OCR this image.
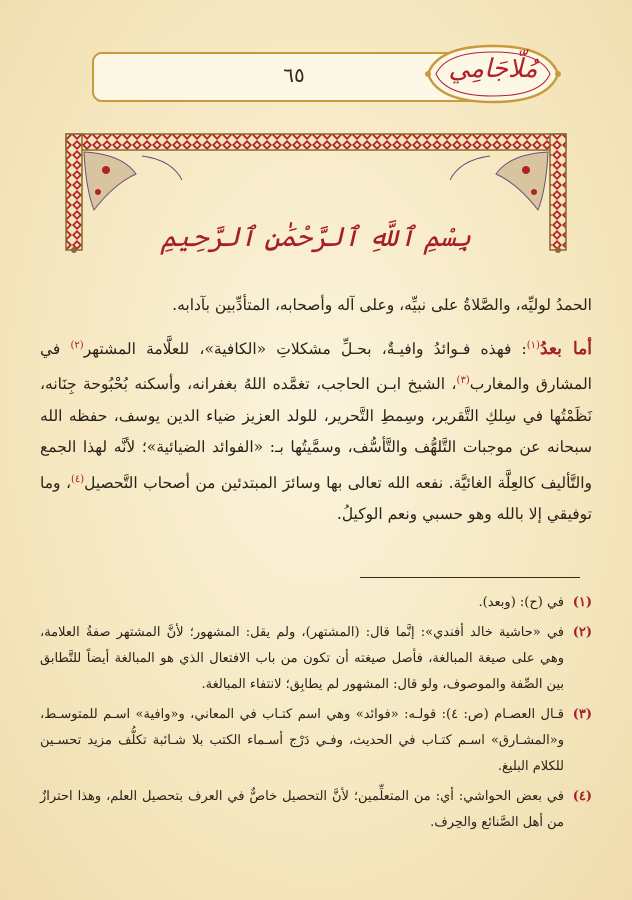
٦٥	مُلّاجَامِي
بِسْمِ ٱللَّهِ ٱلرَّحْمَٰنِ ٱلرَّحِيمِ

الحمدُ لوليِّه، والصَّلاةُ على نبيِّه، وعلى آله وأصحابه، المتأدِّبين بآدابه.

أما بعدُ$^{(١)}$: فهذه فـوائدُ وافيـةٌ، بحـلِّ مشكلاتِ «الكافية»، للعلَّامة المشتهر$^{(٢)}$ في المشارق والمغارب$^{(٣)}$، الشيخ ابـن الحاجب، تغمَّده اللهُ بغفرانه، وأسكنه بُحْبُوحة جِنَانه، نَظَمْتُها في سِلكِ التَّقرير، وسِمطِ التَّحرير، للولد العزيز ضياء الدين يوسف، حفظه الله سبحانه عن موجبات التَّلهُّف والتَّأسُّف، وسمَّيتُها بـ: «الفوائد الضيائية»؛ لأنَّه لهذا الجمع والتَّأليف كالعِلَّة الغائيَّة. نفعه الله تعالى بها وسائرَ المبتدئين من أصحاب التَّحصيل$^{(٤)}$، وما توفيقي إلا بالله وهو حسبي ونعم الوكيلُ.

(١)
في (ح): (وبعد).
(٢)
في «حاشية خالد أفندي»: إنَّما قال: (المشتهر)، ولم يقل: المشهور؛ لأنَّ المشتهر صفةُ العلامة، وهي على صيغة المبالغة، فأصل صيغته أن تكون من باب الافتعال الذي هو المبالغة أيضاً للتَّطابق بين الصِّفة والموصوف، ولو قال: المشهور لم يطابِق؛ لانتفاء المبالغة.
(٣)
قـال العصـام (ص: ٤): قولـه: «فوائد» وهي اسم كتـاب في المعاني، و«وافية» اسـم للمتوسـط، و«المشـارق» اسـم كتـاب في الحديث، وفـي دَرْج أسـماء الكتب بلا شـائبة تكلُّف مزيد تحسـين للكلام البليغ.
(٤)
في بعض الحواشي: أي: من المتعلِّمين؛ لأنَّ التحصيل خاصٌّ في العرف بتحصيل العلم، وهذا احترازٌ من أهل الصَّنائع والحِرف.
